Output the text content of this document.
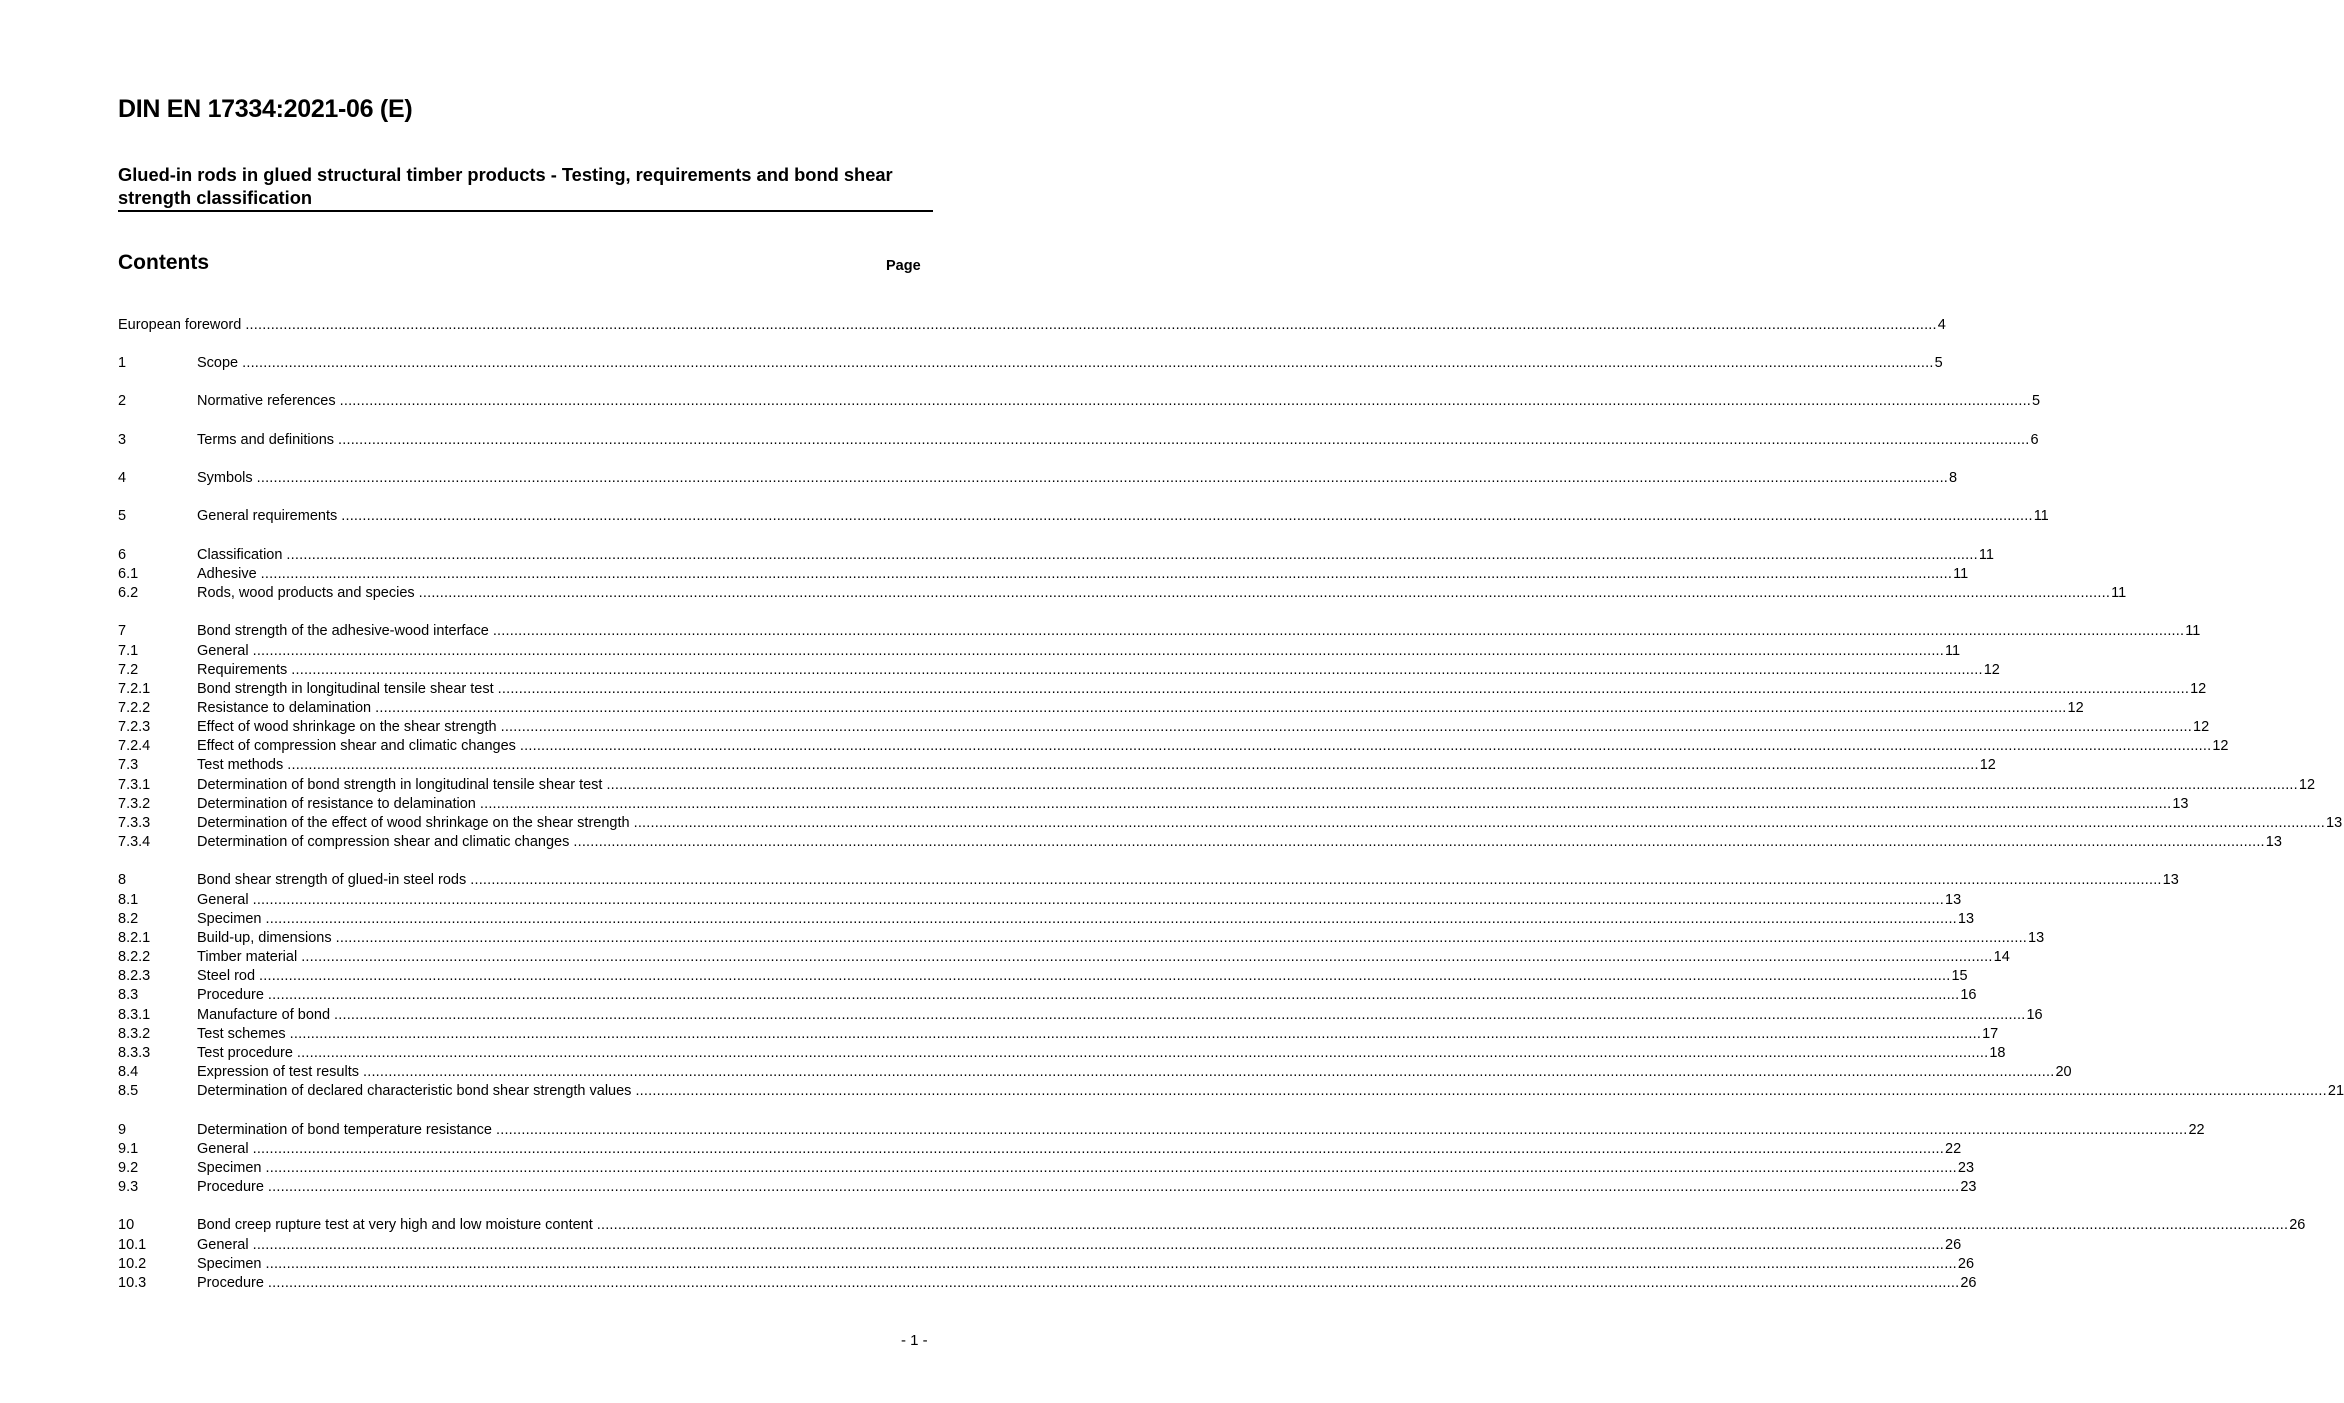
DIN EN 17334:2021-06 (E)
Glued-in rods in glued structural timber products - Testing, requirements and bond shear strength classification
Contents	Page
European foreword ................................................................................................................................................................................................................................................................................................................................................................................................................ 4
1	Scope ................................................................................................................................................................................................................................................................................................................................................................................................................ 5
2	Normative references ................................................................................................................................................................................................................................................................................................................................................................................................................ 5
3	Terms and definitions ................................................................................................................................................................................................................................................................................................................................................................................................................ 6
4	Symbols ................................................................................................................................................................................................................................................................................................................................................................................................................ 8
5	General requirements ................................................................................................................................................................................................................................................................................................................................................................................................................ 11
6	Classification ................................................................................................................................................................................................................................................................................................................................................................................................................ 11
6.1	Adhesive ................................................................................................................................................................................................................................................................................................................................................................................................................ 11
6.2	Rods, wood products and species ................................................................................................................................................................................................................................................................................................................................................................................................................ 11
7	Bond strength of the adhesive-wood interface ................................................................................................................................................................................................................................................................................................................................................................................................................ 11
7.1	General ................................................................................................................................................................................................................................................................................................................................................................................................................ 11
7.2	Requirements ................................................................................................................................................................................................................................................................................................................................................................................................................ 12
7.2.1	Bond strength in longitudinal tensile shear test ................................................................................................................................................................................................................................................................................................................................................................................................................ 12
7.2.2	Resistance to delamination ................................................................................................................................................................................................................................................................................................................................................................................................................ 12
7.2.3	Effect of wood shrinkage on the shear strength ................................................................................................................................................................................................................................................................................................................................................................................................................ 12
7.2.4	Effect of compression shear and climatic changes ................................................................................................................................................................................................................................................................................................................................................................................................................ 12
7.3	Test methods ................................................................................................................................................................................................................................................................................................................................................................................................................ 12
7.3.1	Determination of bond strength in longitudinal tensile shear test ................................................................................................................................................................................................................................................................................................................................................................................................................ 12
7.3.2	Determination of resistance to delamination ................................................................................................................................................................................................................................................................................................................................................................................................................ 13
7.3.3	Determination of the effect of wood shrinkage on the shear strength ................................................................................................................................................................................................................................................................................................................................................................................................................ 13
7.3.4	Determination of compression shear and climatic changes ................................................................................................................................................................................................................................................................................................................................................................................................................ 13
8	Bond shear strength of glued-in steel rods ................................................................................................................................................................................................................................................................................................................................................................................................................ 13
8.1	General ................................................................................................................................................................................................................................................................................................................................................................................................................ 13
8.2	Specimen ................................................................................................................................................................................................................................................................................................................................................................................................................ 13
8.2.1	Build-up, dimensions ................................................................................................................................................................................................................................................................................................................................................................................................................ 13
8.2.2	Timber material ................................................................................................................................................................................................................................................................................................................................................................................................................ 14
8.2.3	Steel rod ................................................................................................................................................................................................................................................................................................................................................................................................................ 15
8.3	Procedure ................................................................................................................................................................................................................................................................................................................................................................................................................ 16
8.3.1	Manufacture of bond ................................................................................................................................................................................................................................................................................................................................................................................................................ 16
8.3.2	Test schemes ................................................................................................................................................................................................................................................................................................................................................................................................................ 17
8.3.3	Test procedure ................................................................................................................................................................................................................................................................................................................................................................................................................ 18
8.4	Expression of test results ................................................................................................................................................................................................................................................................................................................................................................................................................ 20
8.5	Determination of declared characteristic bond shear strength values ................................................................................................................................................................................................................................................................................................................................................................................................................ 21
9	Determination of bond temperature resistance ................................................................................................................................................................................................................................................................................................................................................................................................................ 22
9.1	General ................................................................................................................................................................................................................................................................................................................................................................................................................ 22
9.2	Specimen ................................................................................................................................................................................................................................................................................................................................................................................................................ 23
9.3	Procedure ................................................................................................................................................................................................................................................................................................................................................................................................................ 23
10	Bond creep rupture test at very high and low moisture content ................................................................................................................................................................................................................................................................................................................................................................................................................ 26
10.1	General ................................................................................................................................................................................................................................................................................................................................................................................................................ 26
10.2	Specimen ................................................................................................................................................................................................................................................................................................................................................................................................................ 26
10.3	Procedure ................................................................................................................................................................................................................................................................................................................................................................................................................ 26
- 1 -
